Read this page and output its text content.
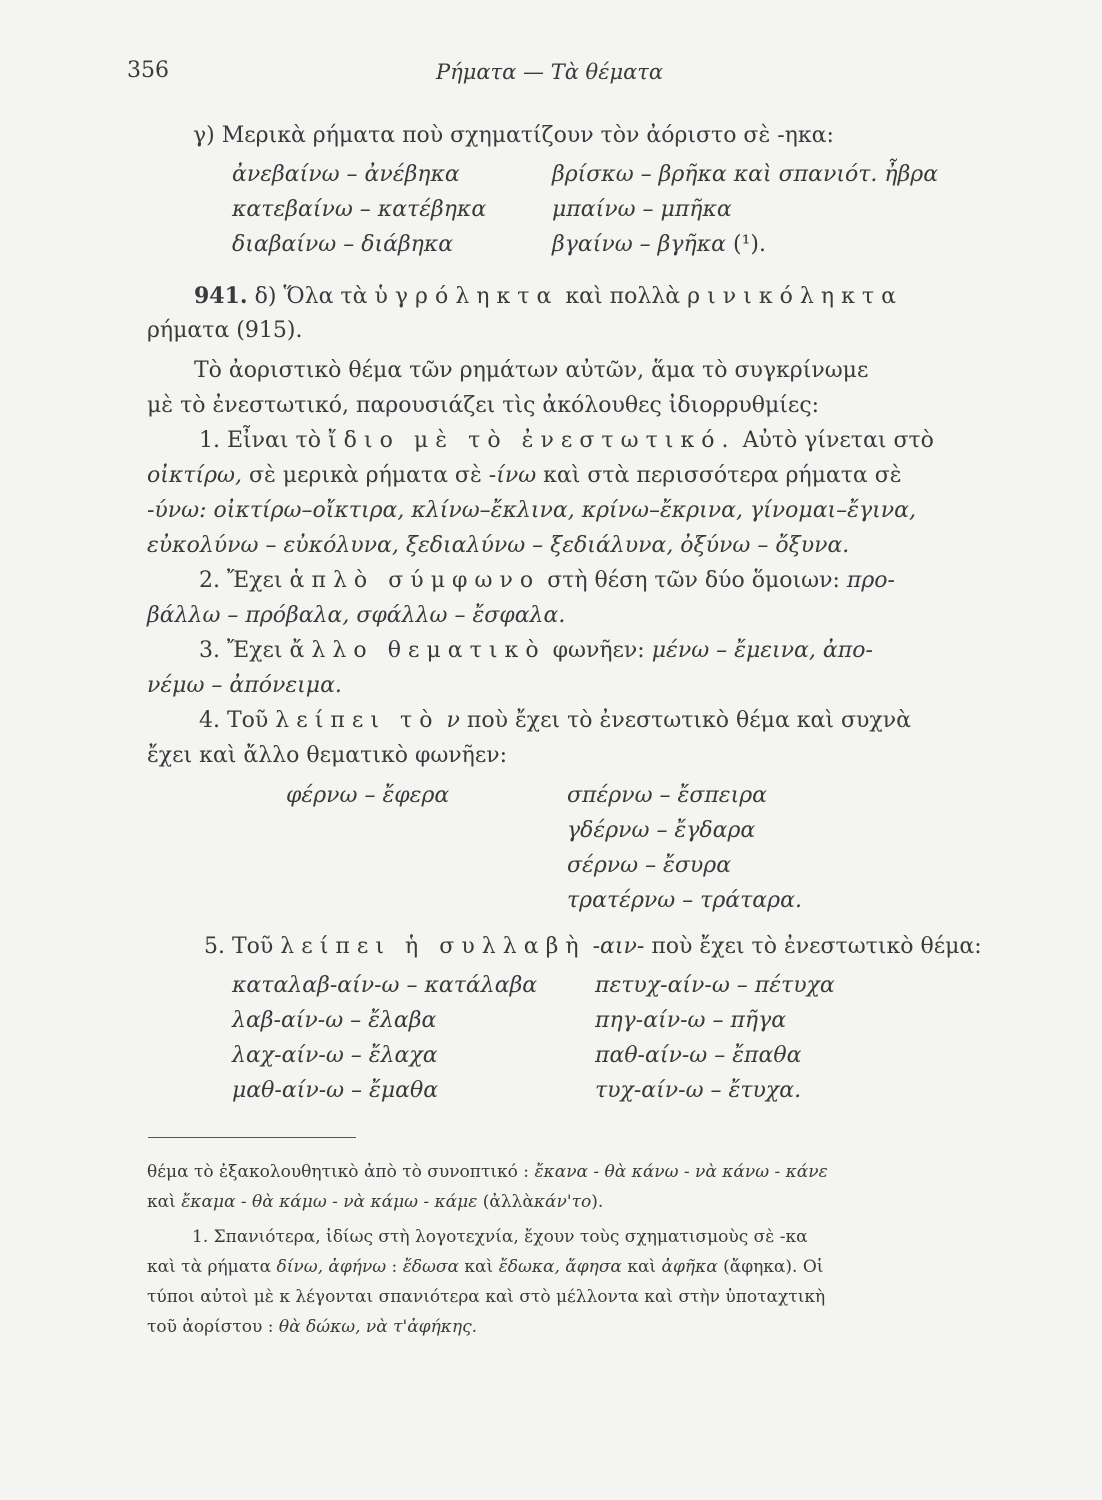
356	Ρήματα — Τὰ θέματα
γ) Μερικὰ ρήματα ποὺ σχηματίζουν τὸν ἀόριστο σὲ -ηκα:
ἀνεβαίνω – ἀνέβηκα
κατεβαίνω – κατέβηκα
διαβαίνω – διάβηκα
βρίσκω – βρῆκα καὶ σπανιότ. ἦβρα
μπαίνω – μπῆκα
βγαίνω – βγῆκα (¹).
941. δ) Ὅλα τὰ ὑγρόληκτα καὶ πολλὰ ρινικόληκτα
ρήματα (915).
Τὸ ἀοριστικὸ θέμα τῶν ρημάτων αὐτῶν, ἅμα τὸ συγκρίνωμε
μὲ τὸ ἐνεστωτικό, παρουσιάζει τὶς ἀκόλουθες ἰδιορρυθμίες:
1. Εἶναι τὸ ἴδιο μὲ τὸ ἐνεστωτικό. Αὐτὸ γίνεται στὸ
οἰκτίρω, σὲ μερικὰ ρήματα σὲ -ίνω καὶ στὰ περισσότερα ρήματα σὲ
-ύνω: οἰκτίρω–οἴκτιρα, κλίνω–ἔκλινα, κρίνω–ἔκρινα, γίνομαι–ἔγινα,
εὐκολύνω – εὐκόλυνα, ξεδιαλύνω – ξεδιάλυνα, ὀξύνω – ὄξυνα.
2. Ἔχει ἁπλὸ σύμφωνο στὴ θέση τῶν δύο ὅμοιων: προ-
βάλλω – πρόβαλα, σφάλλω – ἔσφαλα.
3. Ἔχει ἄλλο θεματικὸ φωνῆεν: μένω – ἔμεινα, ἀπο-
νέμω – ἀπόνειμα.
4. Τοῦ λείπει τὸ ν ποὺ ἔχει τὸ ἐνεστωτικὸ θέμα καὶ συχνὰ
ἔχει καὶ ἄλλο θεματικὸ φωνῆεν:
φέρνω – ἔφερα	σπέρνω – ἔσπειρα
γδέρνω – ἔγδαρα
σέρνω – ἔσυρα
τρατέρνω – τράταρα.
5. Τοῦ λείπει ἡ συλλαβὴ -αιν- ποὺ ἔχει τὸ ἐνεστωτικὸ θέμα:
καταλαβ-αίν-ω – κατάλαβα
λαβ-αίν-ω – ἔλαβα
λαχ-αίν-ω – ἔλαχα
μαθ-αίν-ω – ἔμαθα
πετυχ-αίν-ω – πέτυχα
πηγ-αίν-ω – πῆγα
παθ-αίν-ω – ἔπαθα
τυχ-αίν-ω – ἔτυχα.
θέμα τὸ ἐξακολουθητικὸ ἀπὸ τὸ συνοπτικό : ἔκανα - θὰ κάνω - νὰ κάνω - κάνε
καὶ ἔκαμα - θὰ κάμω - νὰ κάμω - κάμε (ἀλλὰκάν'το).
1. Σπανιότερα, ἰδίως στὴ λογοτεχνία, ἔχουν τοὺς σχηματισμοὺς σὲ -κα
καὶ τὰ ρήματα δίνω, ἀφήνω : ἔδωσα καὶ ἔδωκα, ἄφησα καὶ ἀφῆκα (ἄφηκα). Οἱ
τύποι αὐτοὶ μὲ κ λέγονται σπανιότερα καὶ στὸ μέλλοντα καὶ στὴν ὑποταχτικὴ
τοῦ ἀορίστου : θὰ δώκω, νὰ τ'ἀφήκης.
